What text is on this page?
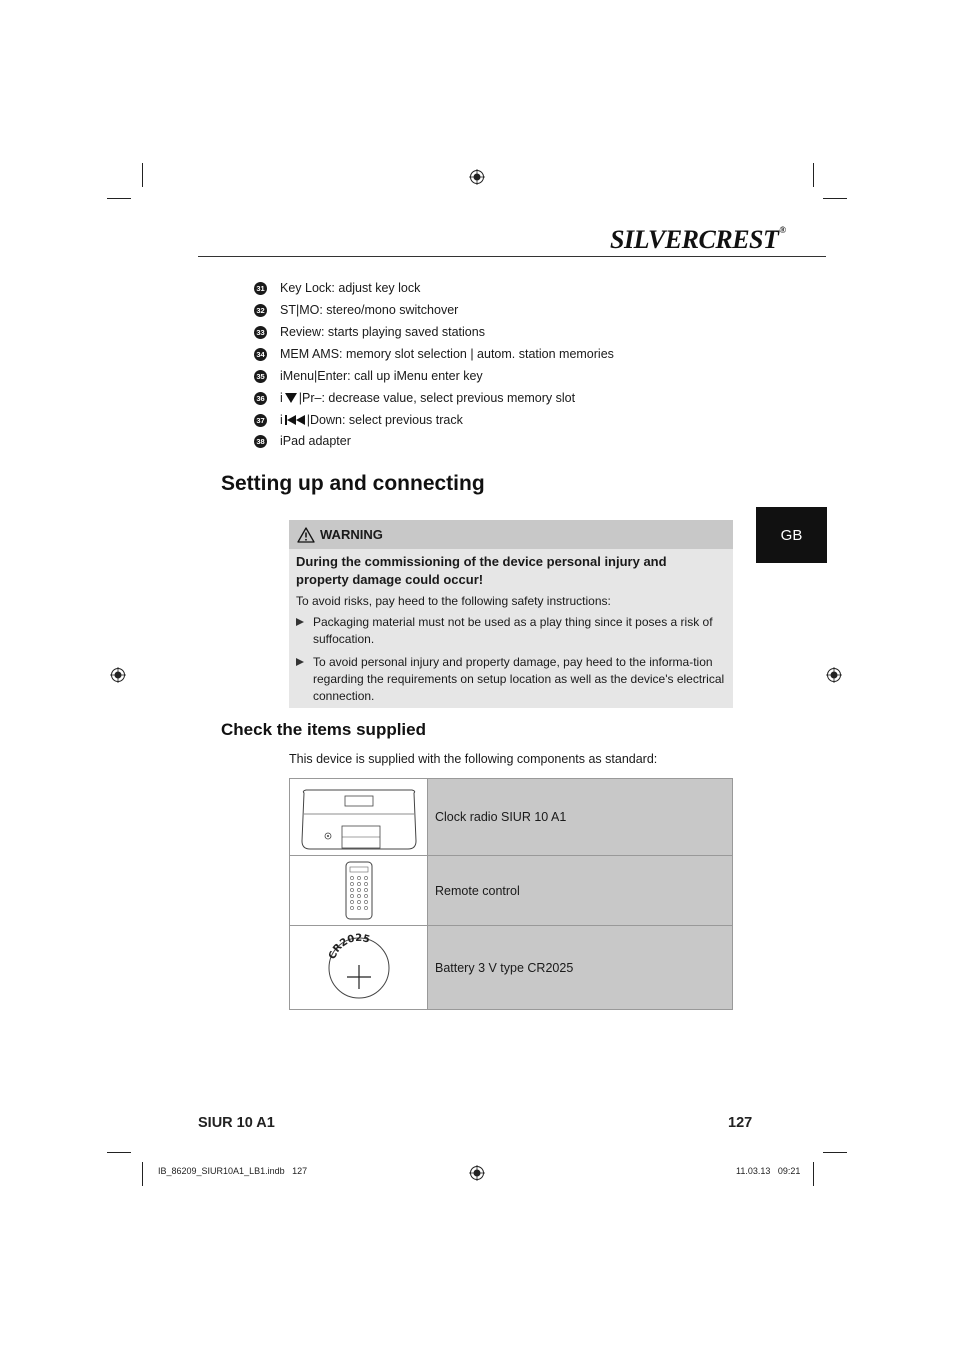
SILVERCREST®
31 Key Lock: adjust key lock
32 ST|MO: stereo/mono switchover
33 Review: starts playing saved stations
34 MEM AMS: memory slot selection | autom. station memories
35 iMenu|Enter: call up iMenu enter key
36 i |Pr–: decrease value, select previous memory slot
37 i |Down: select previous track
38 iPad adapter
Setting up and connecting
GB
WARNING
During the commissioning of the device personal injury and property damage could occur!
To avoid risks, pay heed to the following safety instructions:
Packaging material must not be used as a play thing since it poses a risk of suffocation.
To avoid personal injury and property damage, pay heed to the informa-tion regarding the requirements on setup location as well as the device's electrical connection.
Check the items supplied
This device is supplied with the following components as standard:
Clock radio SIUR 10 A1
Remote control
CR2025
Battery 3 V type CR2025
SIUR 10 A1	127
IB_86209_SIUR10A1_LB1.indb   127	11.03.13   09:21
